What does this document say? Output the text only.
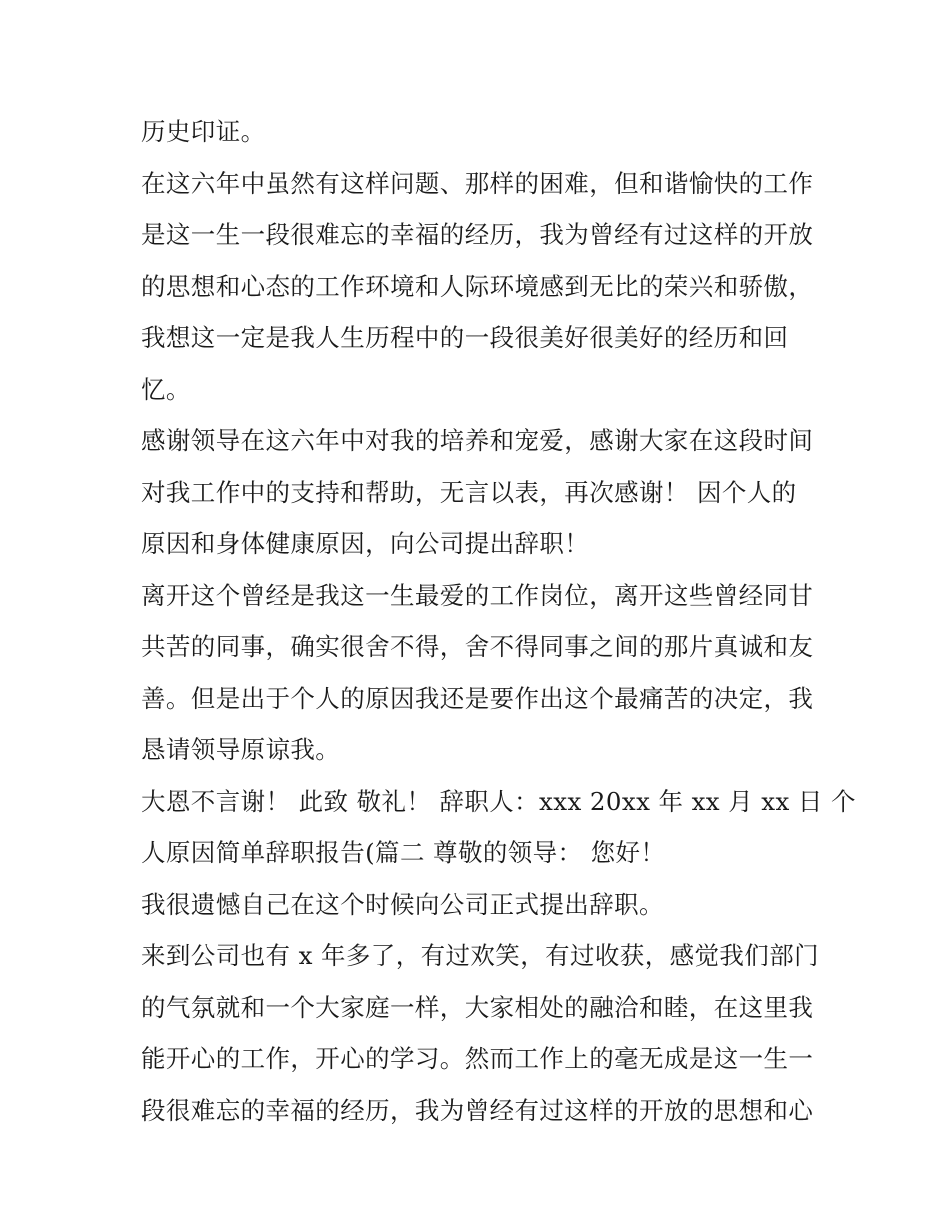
历史印证。
在这六年中虽然有这样问题、那样的困难，但和谐愉快的工作
是这一生一段很难忘的幸福的经历，我为曾经有过这样的开放
的思想和心态的工作环境和人际环境感到无比的荣兴和骄傲，
我想这一定是我人生历程中的一段很美好很美好的经历和回
忆。
感谢领导在这六年中对我的培养和宠爱，感谢大家在这段时间
对我工作中的支持和帮助，无言以表，再次感谢！ 因个人的
原因和身体健康原因，向公司提出辞职！
离开这个曾经是我这一生最爱的工作岗位，离开这些曾经同甘
共苦的同事，确实很舍不得，舍不得同事之间的那片真诚和友
善。但是出于个人的原因我还是要作出这个最痛苦的决定，我
恳请领导原谅我。
大恩不言谢！ 此致 敬礼！ 辞职人：xxx 20xx 年 xx 月 xx 日 个
人原因简单辞职报告(篇二 尊敬的领导： 您好！
我很遗憾自己在这个时候向公司正式提出辞职。
来到公司也有 x 年多了，有过欢笑，有过收获，感觉我们部门
的气氛就和一个大家庭一样，大家相处的融洽和睦，在这里我
能开心的工作，开心的学习。然而工作上的毫无成是这一生一
段很难忘的幸福的经历，我为曾经有过这样的开放的思想和心
